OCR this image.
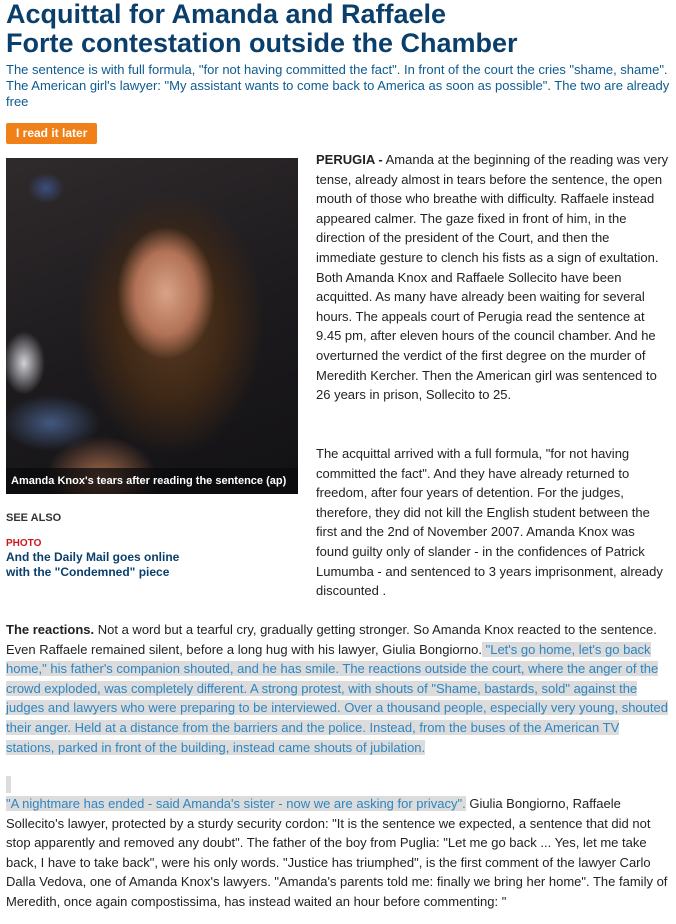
Acquittal for Amanda and Raffaele
Forte contestation outside the Chamber
The sentence is with full formula, "for not having committed the fact". In front of the court the cries "shame, shame". The American girl's lawyer: "My assistant wants to come back to America as soon as possible". The two are already free
I read it later
Amanda Knox's tears after reading the sentence (ap)

PERUGIA - Amanda at the beginning of the reading was very tense, already almost in tears before the sentence, the open mouth of those who breathe with difficulty. Raffaele instead appeared calmer. The gaze fixed in front of him, in the direction of the president of the Court, and then the immediate gesture to clench his fists as a sign of exultation. Both Amanda Knox and Raffaele Sollecito have been acquitted. As many have already been waiting for several hours. The appeals court of Perugia read the sentence at 9.45 pm, after eleven hours of the council chamber. And he overturned the verdict of the first degree on the murder of Meredith Kercher. Then the American girl was sentenced to 26 years in prison, Sollecito to 25.

The acquittal arrived with a full formula, "for not having committed the fact". And they have already returned to freedom, after four years of detention. For the judges, therefore, they did not kill the English student between the first and the 2nd of November 2007. Amanda Knox was found guilty only of slander - in the confidences of Patrick Lumumba - and sentenced to 3 years imprisonment, already discounted .

SEE ALSO
PHOTO
And the Daily Mail goes online with the "Condemned" piece

The reactions. Not a word but a tearful cry, gradually getting stronger. So Amanda Knox reacted to the sentence. Even Raffaele remained silent, before a long hug with his lawyer, Giulia Bongiorno. "Let's go home, let's go back home," his father's companion shouted, and he has smile. The reactions outside the court, where the anger of the crowd exploded, was completely different. A strong protest, with shouts of "Shame, bastards, sold" against the judges and lawyers who were preparing to be interviewed. Over a thousand people, especially very young, shouted their anger. Held at a distance from the barriers and the police. Instead, from the buses of the American TV stations, parked in front of the building, instead came shouts of jubilation.

"A nightmare has ended - said Amanda's sister - now we are asking for privacy". Giulia Bongiorno, Raffaele Sollecito's lawyer, protected by a sturdy security cordon: "It is the sentence we expected, a sentence that did not stop apparently and removed any doubt". The father of the boy from Puglia: "Let me go back ... Yes, let me take back, I have to take back", were his only words. "Justice has triumphed", is the first comment of the lawyer Carlo Dalla Vedova, one of Amanda Knox's lawyers. "Amanda's parents told me: finally we bring her home". The family of Meredith, once again compostissima, has instead waited an hour before commenting: "
